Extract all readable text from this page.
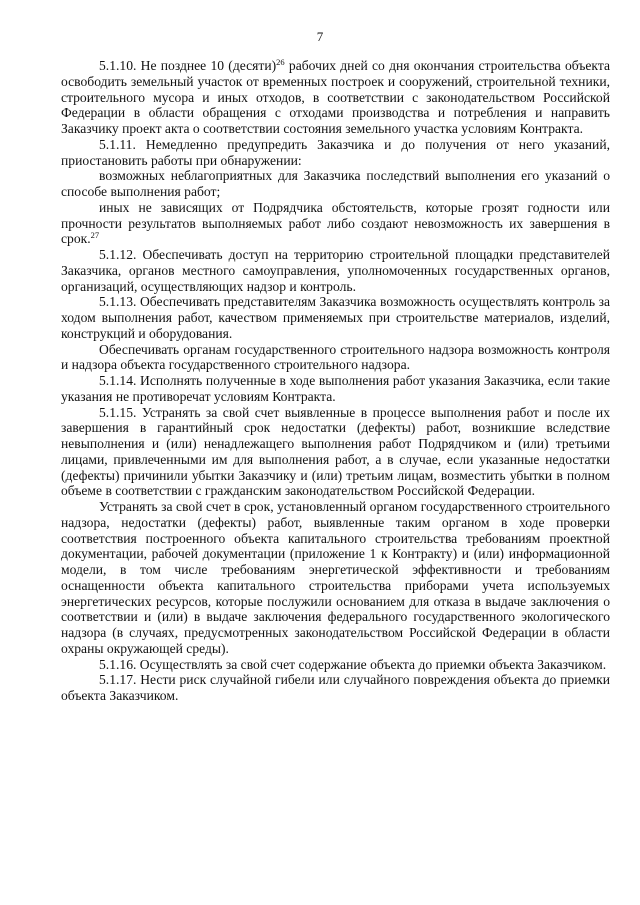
7

5.1.10. Не позднее 10 (десяти)$^{26}$ рабочих дней со дня окончания строительства объекта освободить земельный участок от временных построек и сооружений, строительной техники, строительного мусора и иных отходов, в соответствии с законодательством Российской Федерации в области обращения с отходами производства и потребления и направить Заказчику проект акта о соответствии состояния земельного участка условиям Контракта.

5.1.11. Немедленно предупредить Заказчика и до получения от него указаний, приостановить работы при обнаружении:

возможных неблагоприятных для Заказчика последствий выполнения его указаний о способе выполнения работ;

иных не зависящих от Подрядчика обстоятельств, которые грозят годности или прочности результатов выполняемых работ либо создают невозможность их завершения в срок.$^{27}$

5.1.12. Обеспечивать доступ на территорию строительной площадки представителей Заказчика, органов местного самоуправления, уполномоченных государственных органов, организаций, осуществляющих надзор и контроль.

5.1.13. Обеспечивать представителям Заказчика возможность осуществлять контроль за ходом выполнения работ, качеством применяемых при строительстве материалов, изделий, конструкций и оборудования.

Обеспечивать органам государственного строительного надзора возможность контроля и надзора объекта государственного строительного надзора.

5.1.14. Исполнять полученные в ходе выполнения работ указания Заказчика, если такие указания не противоречат условиям Контракта.

5.1.15. Устранять за свой счет выявленные в процессе выполнения работ и после их завершения в гарантийный срок недостатки (дефекты) работ, возникшие вследствие невыполнения и (или) ненадлежащего выполнения работ Подрядчиком и (или) третьими лицами, привлеченными им для выполнения работ, а в случае, если указанные недостатки (дефекты) причинили убытки Заказчику и (или) третьим лицам, возместить убытки в полном объеме в соответствии с гражданским законодательством Российской Федерации.

Устранять за свой счет в срок, установленный органом государственного строительного надзора, недостатки (дефекты) работ, выявленные таким органом в ходе проверки соответствия построенного объекта капитального строительства требованиям проектной документации, рабочей документации (приложение 1 к Контракту) и (или) информационной модели, в том числе требованиям энергетической эффективности и требованиям оснащенности объекта капитального строительства приборами учета используемых энергетических ресурсов, которые послужили основанием для отказа в выдаче заключения о соответствии и (или) в выдаче заключения федерального государственного экологического надзора (в случаях, предусмотренных законодательством Российской Федерации в области охраны окружающей среды).

5.1.16. Осуществлять за свой счет содержание объекта до приемки объекта Заказчиком.

5.1.17. Нести риск случайной гибели или случайного повреждения объекта до приемки объекта Заказчиком.
